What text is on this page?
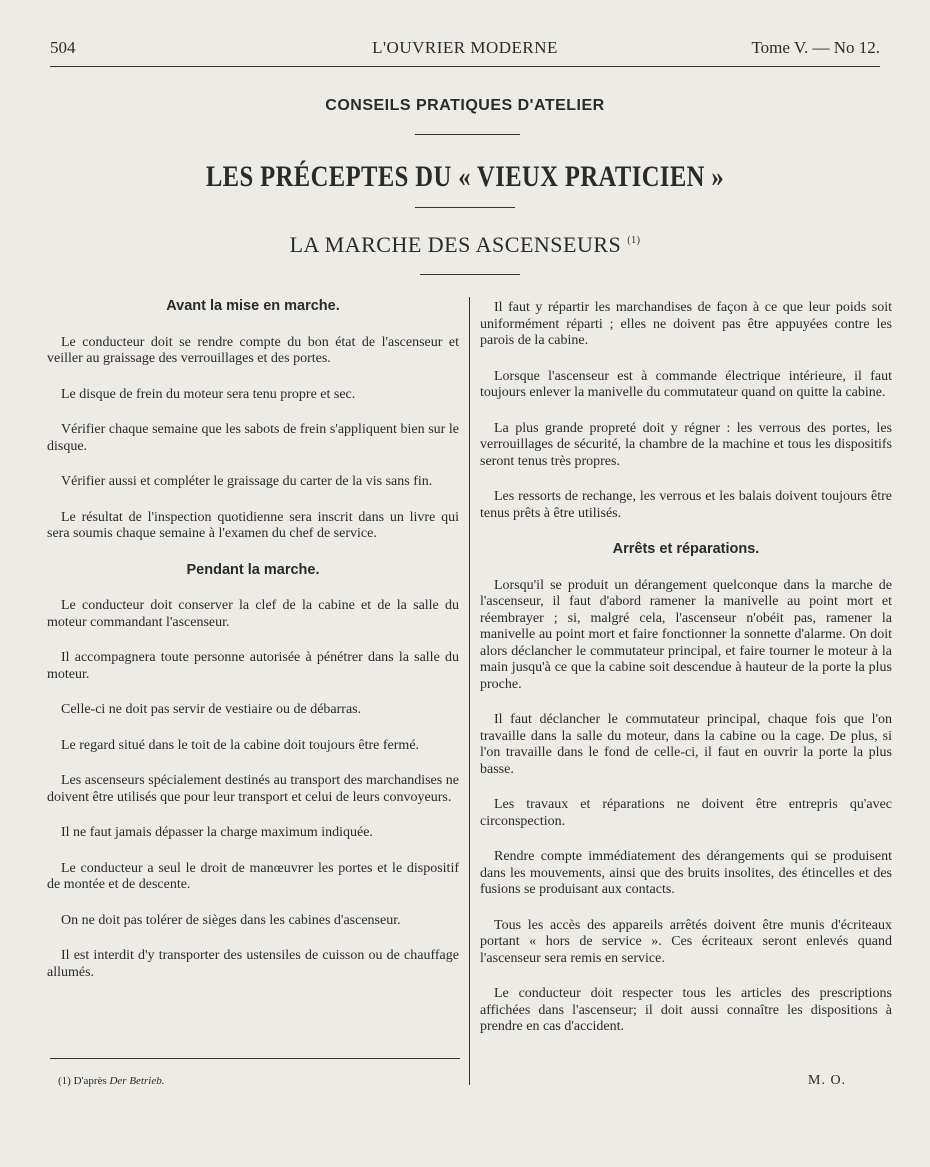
504	L'OUVRIER MODERNE	Tome V. — No 12.
CONSEILS PRATIQUES D'ATELIER
LES PRÉCEPTES DU « VIEUX PRATICIEN »
LA MARCHE DES ASCENSEURS $^{(1)}$
Avant la mise en marche.

Le conducteur doit se rendre compte du bon état de l'ascenseur et veiller au graissage des verrouillages et des portes.

Le disque de frein du moteur sera tenu propre et sec.

Vérifier chaque semaine que les sabots de frein s'appliquent bien sur le disque.

Vérifier aussi et compléter le graissage du carter de la vis sans fin.

Le résultat de l'inspection quotidienne sera inscrit dans un livre qui sera soumis chaque semaine à l'examen du chef de service.

Pendant la marche.

Le conducteur doit conserver la clef de la cabine et de la salle du moteur commandant l'ascenseur.

Il accompagnera toute personne autorisée à pénétrer dans la salle du moteur.

Celle-ci ne doit pas servir de vestiaire ou de débarras.

Le regard situé dans le toit de la cabine doit toujours être fermé.

Les ascenseurs spécialement destinés au transport des marchandises ne doivent être utilisés que pour leur transport et celui de leurs convoyeurs.

Il ne faut jamais dépasser la charge maximum indiquée.

Le conducteur a seul le droit de manœuvrer les portes et le dispositif de montée et de descente.

On ne doit pas tolérer de sièges dans les cabines d'ascenseur.

Il est interdit d'y transporter des ustensiles de cuisson ou de chauffage allumés.

Il faut y répartir les marchandises de façon à ce que leur poids soit uniformément réparti ; elles ne doivent pas être appuyées contre les parois de la cabine.

Lorsque l'ascenseur est à commande électrique intérieure, il faut toujours enlever la manivelle du commutateur quand on quitte la cabine.

La plus grande propreté doit y régner : les verrous des portes, les verrouillages de sécurité, la chambre de la machine et tous les dispositifs seront tenus très propres.

Les ressorts de rechange, les verrous et les balais doivent toujours être tenus prêts à être utilisés.

Arrêts et réparations.

Lorsqu'il se produit un dérangement quelconque dans la marche de l'ascenseur, il faut d'abord ramener la manivelle au point mort et réembrayer ; si, malgré cela, l'ascenseur n'obéit pas, ramener la manivelle au point mort et faire fonctionner la sonnette d'alarme. On doit alors déclancher le commutateur principal, et faire tourner le moteur à la main jusqu'à ce que la cabine soit descendue à hauteur de la porte la plus proche.

Il faut déclancher le commutateur principal, chaque fois que l'on travaille dans la salle du moteur, dans la cabine ou la cage. De plus, si l'on travaille dans le fond de celle-ci, il faut en ouvrir la porte la plus basse.

Les travaux et réparations ne doivent être entrepris qu'avec circonspection.

Rendre compte immédiatement des dérangements qui se produisent dans les mouvements, ainsi que des bruits insolites, des étincelles et des fusions se produisant aux contacts.

Tous les accès des appareils arrêtés doivent être munis d'écriteaux portant « hors de service ». Ces écriteaux seront enlevés quand l'ascenseur sera remis en service.

Le conducteur doit respecter tous les articles des prescriptions affichées dans l'ascenseur; il doit aussi connaître les dispositions à prendre en cas d'accident.

(1) D'après Der Betrieb.	M. O.
